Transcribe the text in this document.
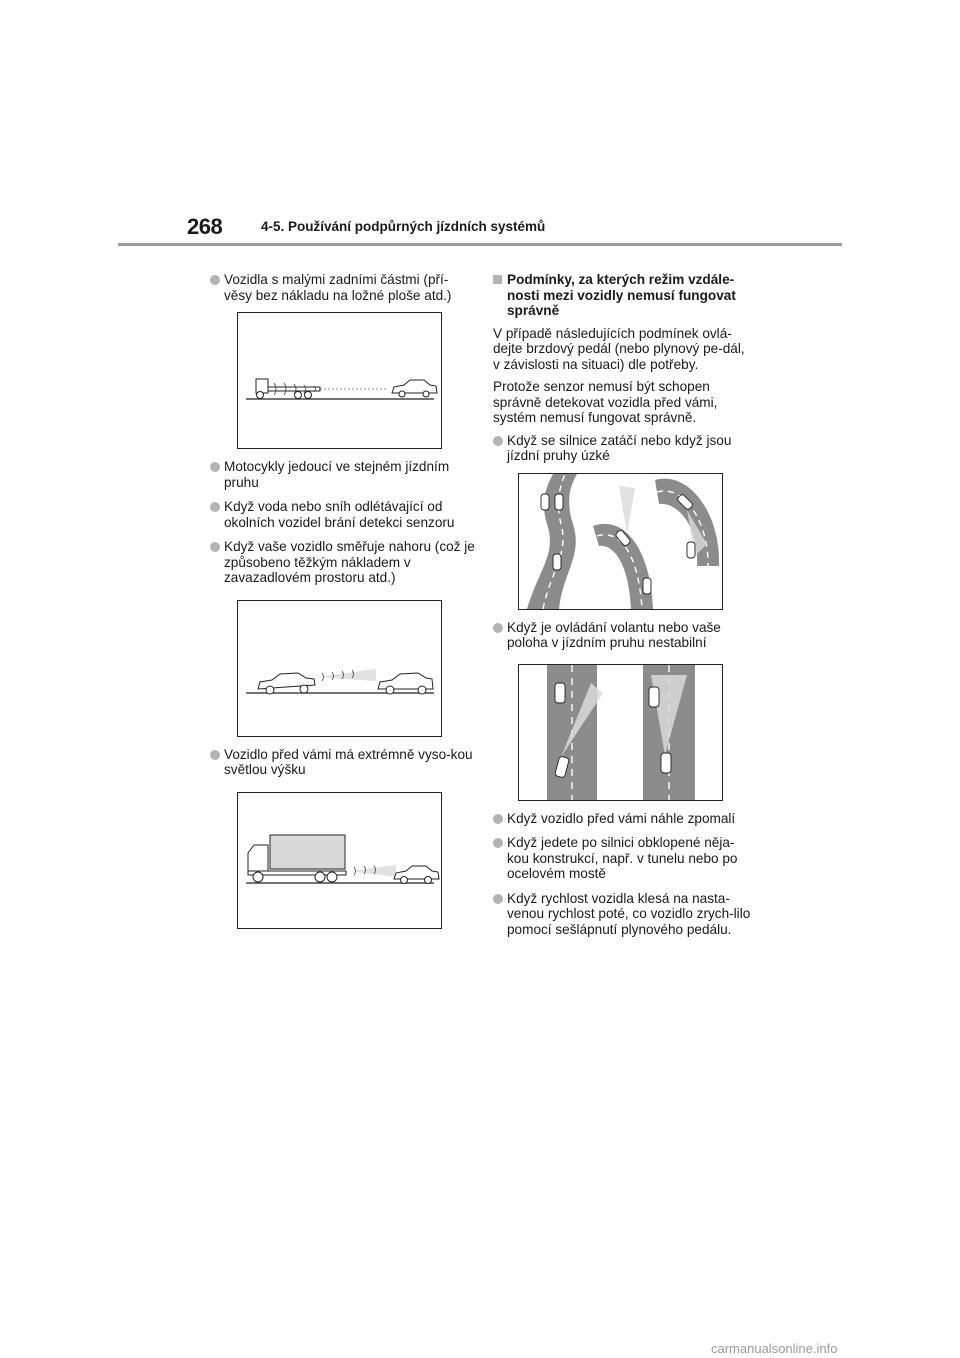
268	4-5. Používání podpůrných jízdních systémů
Vozidla s malými zadními částmi (pří-věsy bez nákladu na ložné ploše atd.)
Motocykly jedoucí ve stejném jízdním pruhu
Když voda nebo sníh odlétávající od okolních vozidel brání detekci senzoru
Když vaše vozidlo směřuje nahoru (což je způsobeno těžkým nákladem v zavazadlovém prostoru atd.)
Vozidlo před vámi má extrémně vyso-kou světlou výšku
Podmínky, za kterých režim vzdále-nosti mezi vozidly nemusí fungovat správně

V případě následujících podmínek ovlá-dejte brzdový pedál (nebo plynový pe-dál, v závislosti na situaci) dle potřeby.

Protože senzor nemusí být schopen správně detekovat vozidla před vámi, systém nemusí fungovat správně.

Když se silnice zatáčí nebo když jsou jízdní pruhy úzké
Když je ovládání volantu nebo vaše poloha v jízdním pruhu nestabilní
Když vozidlo před vámi náhle zpomalí
Když jedete po silnici obklopené něja-kou konstrukcí, např. v tunelu nebo po ocelovém mostě
Když rychlost vozidla klesá na nasta-venou rychlost poté, co vozidlo zrych-lilo pomocí sešlápnutí plynového pedálu.
carmanualsonline.info
